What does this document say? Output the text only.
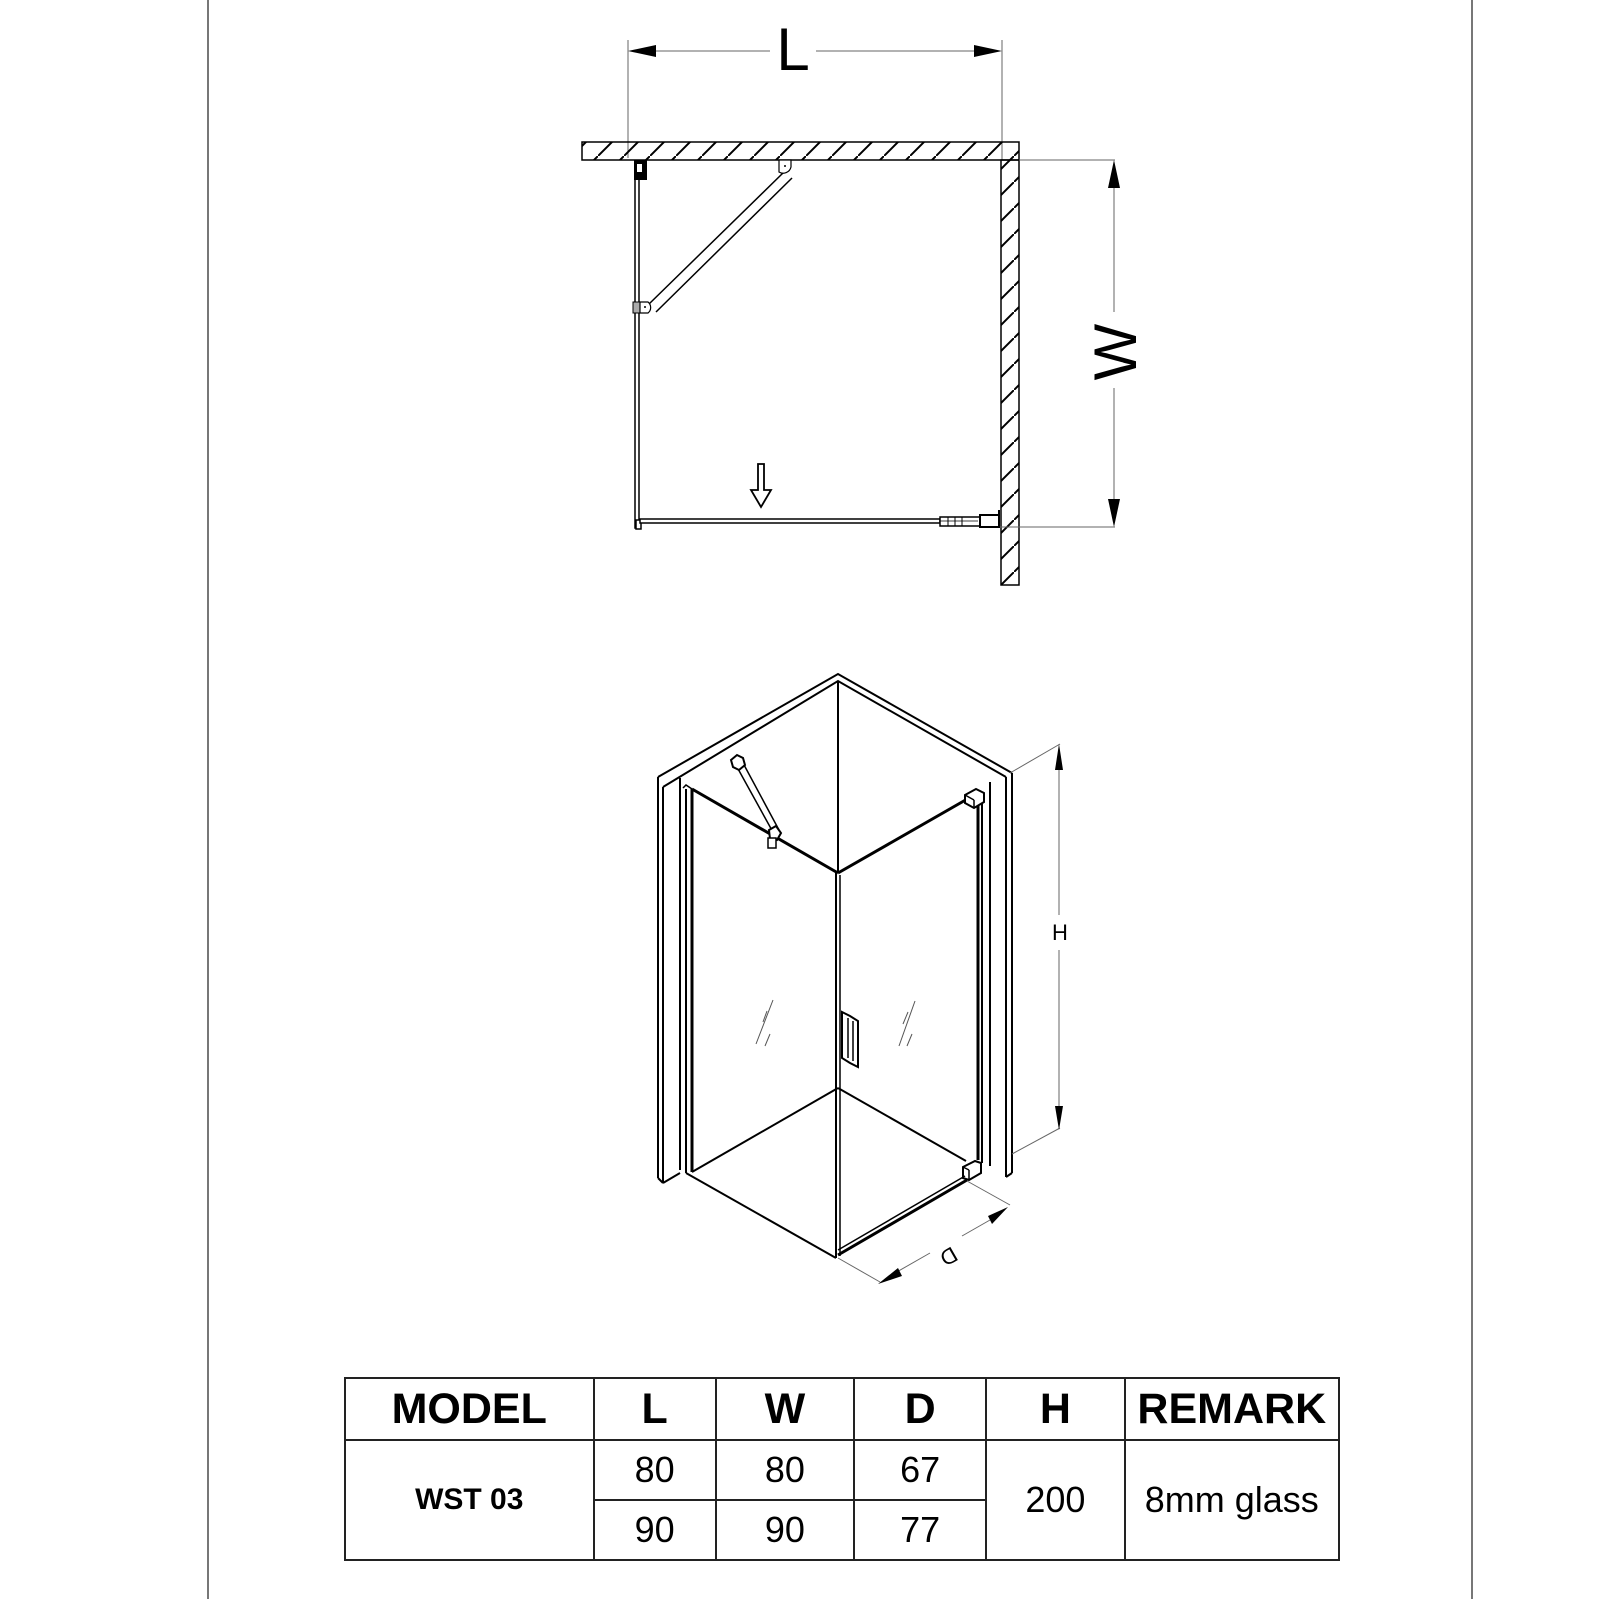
L
W
H
D
MODEL	L	W	D	H	REMARK
WST 03	80	80	67	200	8mm glass
	90	90	77		
